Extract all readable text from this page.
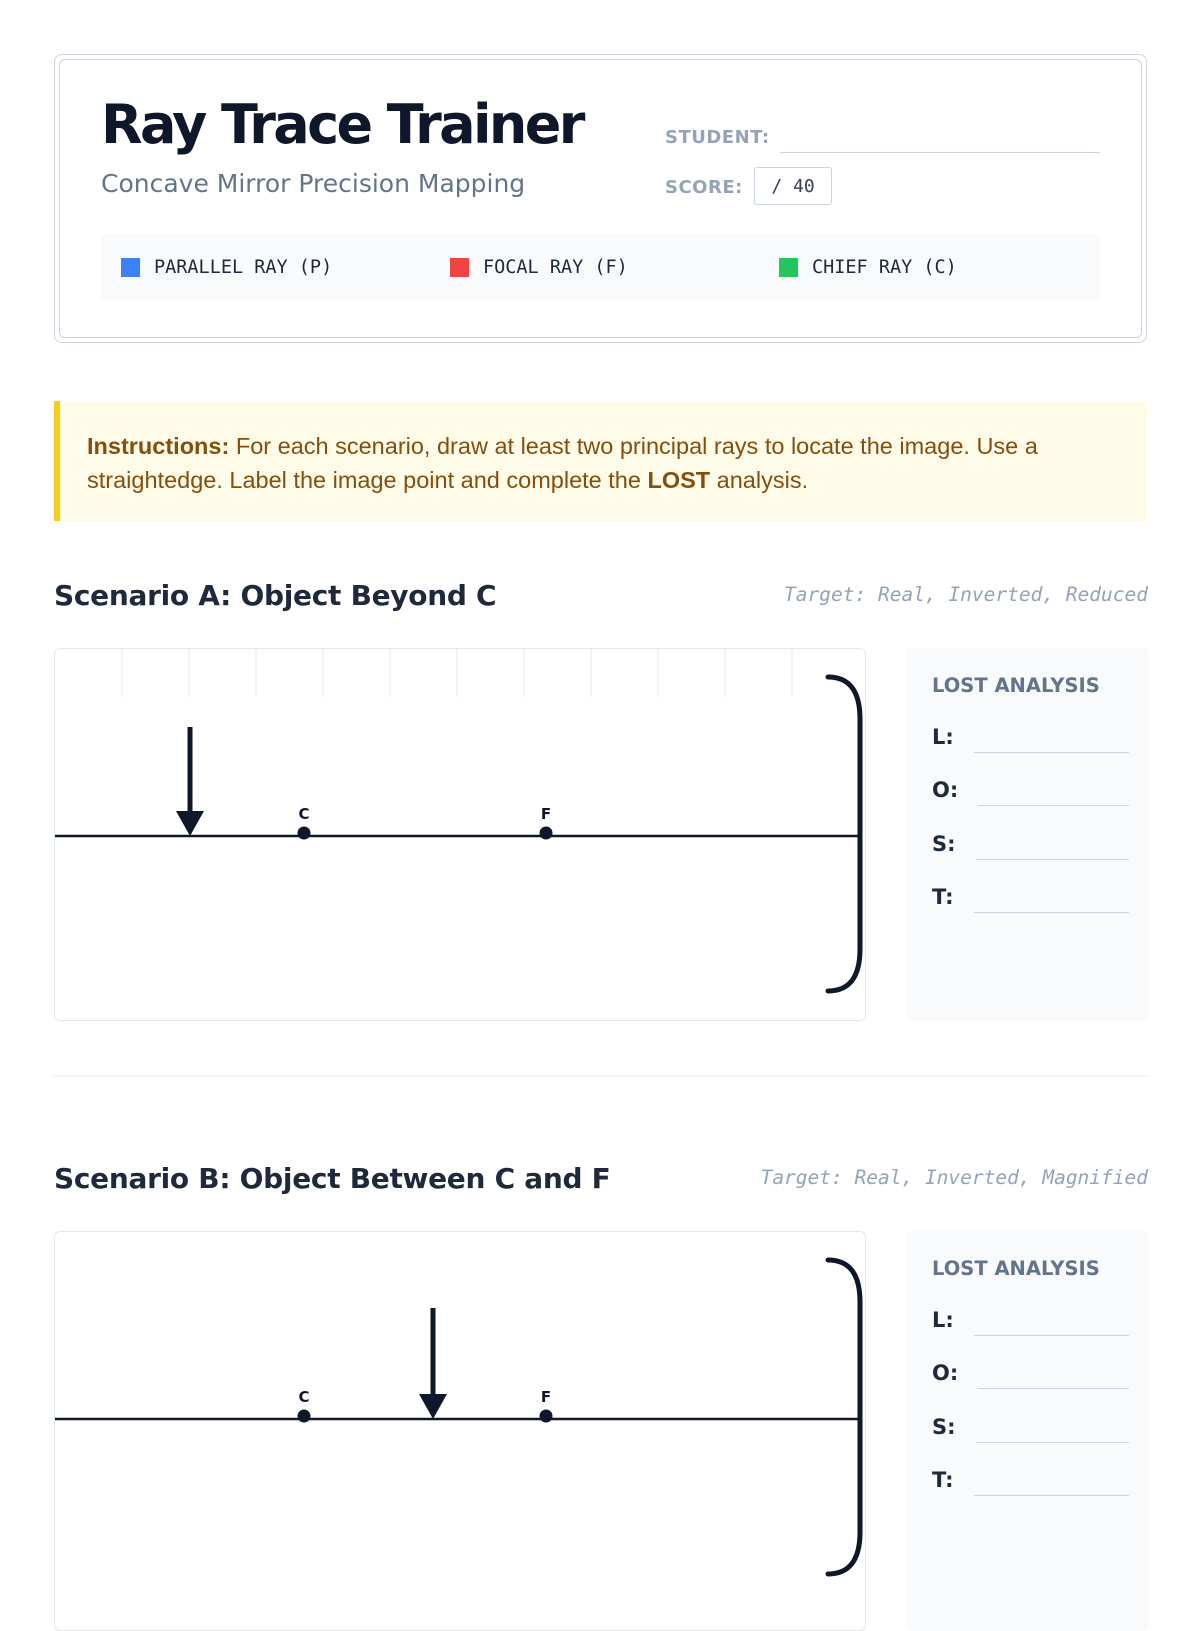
Ray Trace Trainer
Concave Mirror Precision Mapping
STUDENT:
SCORE:	/ 40
PARALLEL RAY (P)	FOCAL RAY (F)	CHIEF RAY (C)
Instructions: For each scenario, draw at least two principal rays to locate the image. Use a straightedge. Label the image point and complete the LOST analysis.
Scenario A: Object Beyond C	Target: Real, Inverted, Reduced
C	F
LOST ANALYSIS
L:
O:
S:
T:
Scenario B: Object Between C and F	Target: Real, Inverted, Magnified
C	F
LOST ANALYSIS
L:
O:
S:
T:
